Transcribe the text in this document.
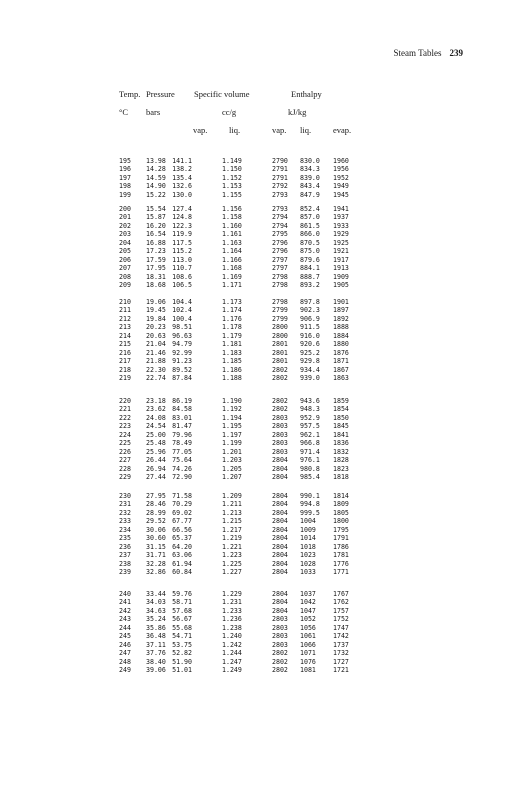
Steam Tables 239
Temp. Pressure Specific volume	Enthalpy
°C bars	cc/g	kJ/kg
vap.	liq.	vap. liq.	evap.
195 13.98 141.1	1.149	2790 830.0 1960
196 14.28 138.2	1.150	2791 834.3 1956
197 14.59 135.4	1.152	2791 839.0 1952
198 14.90 132.6	1.153	2792 843.4 1949
199 15.22 130.0	1.155	2793 847.9 1945
200 15.54 127.4	1.156	2793 852.4 1941
201 15.87 124.8	1.158	2794 857.0 1937
202 16.20 122.3	1.160	2794 861.5 1933
203 16.54 119.9	1.161	2795 866.0 1929
204 16.88 117.5	1.163	2796 870.5 1925
205 17.23 115.2	1.164	2796 875.0 1921
206 17.59 113.0	1.166	2797 879.6 1917
207 17.95 110.7	1.168	2797 884.1 1913
208 18.31 108.6	1.169	2798 888.7 1909
209 18.68 106.5	1.171	2798 893.2 1905
210 19.06 104.4	1.173	2798 897.8 1901
211 19.45 102.4	1.174	2799 902.3 1897
212 19.84 100.4	1.176	2799 906.9 1892
213 20.23 98.51	1.178	2800 911.5 1888
214 20.63 96.63	1.179	2800 916.0 1884
215 21.04 94.79	1.181	2801 920.6 1880
216 21.46 92.99	1.183	2801 925.2 1876
217 21.88 91.23	1.185	2801 929.8 1871
218 22.30 89.52	1.186	2802 934.4 1867
219 22.74 87.84	1.188	2802 939.0 1863
220 23.18 86.19	1.190	2802 943.6 1859
221 23.62 84.58	1.192	2802 948.3 1854
222 24.08 83.01	1.194	2803 952.9 1850
223 24.54 81.47	1.195	2803 957.5 1845
224 25.00 79.96	1.197	2803 962.1 1841
225 25.48 78.49	1.199	2803 966.8 1836
226 25.96 77.05	1.201	2803 971.4 1832
227 26.44 75.64	1.203	2804 976.1 1828
228 26.94 74.26	1.205	2804 980.8 1823
229 27.44 72.90	1.207	2804 985.4 1818
230 27.95 71.58	1.209	2804 990.1 1814
231 28.46 70.29	1.211	2804 994.8 1809
232 28.99 69.02	1.213	2804 999.5 1805
233 29.52 67.77	1.215	2804 1004	1800
234 30.06 66.56	1.217	2804 1009	1795
235 30.60 65.37	1.219	2804 1014	1791
236 31.15 64.20	1.221	2804 1018	1786
237 31.71 63.06	1.223	2804 1023	1781
238 32.28 61.94	1.225	2804 1028	1776
239 32.86 60.84	1.227	2804 1033	1771
240 33.44 59.76	1.229	2804 1037	1767
241 34.03 58.71	1.231	2804 1042	1762
242 34.63 57.68	1.233	2804 1047	1757
243 35.24 56.67	1.236	2803 1052	1752
244 35.86 55.68	1.238	2803 1056	1747
245 36.48 54.71	1.240	2803 1061	1742
246 37.11 53.75	1.242	2803 1066	1737
247 37.76 52.82	1.244	2802 1071	1732
248 38.40 51.90	1.247	2802 1076	1727
249 39.06 51.01	1.249	2802 1081	1721
